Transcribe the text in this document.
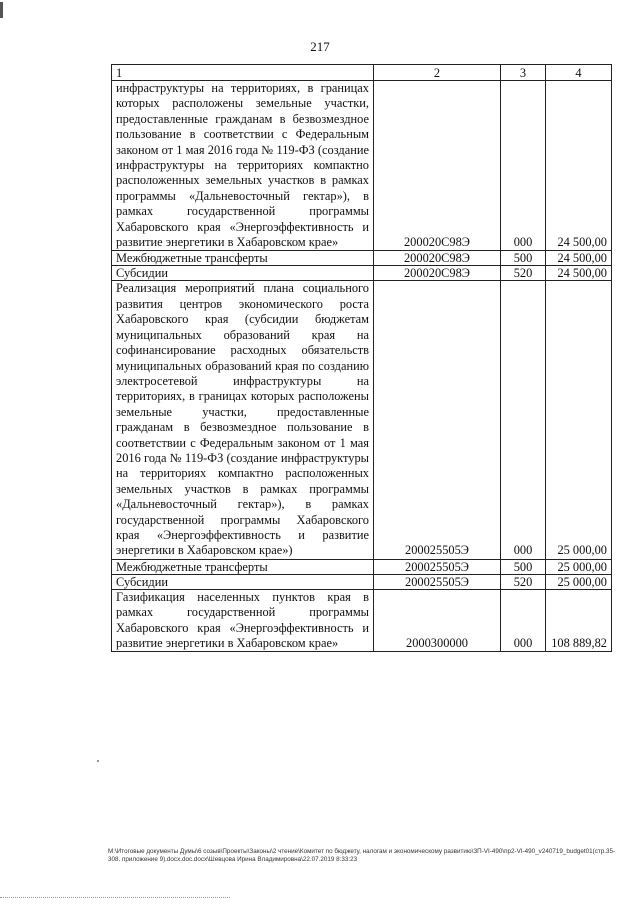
217
1	2	3	4
инфраструктуры на территориях, в границах которых расположены земельные участки, предоставленные гражданам в безвозмездное пользование в соответствии с Федеральным законом от 1 мая 2016 года № 119-ФЗ (создание инфраструктуры на территориях компактно расположенных земельных участков в рамках программы «Дальневосточный гектар»), в рамках государственной программы Хабаровского края «Энергоэффективность и развитие энергетики в Хабаровском крае»	200020С98Э	000	24 500,00
Межбюджетные трансферты	200020С98Э	500	24 500,00
Субсидии	200020С98Э	520	24 500,00
Реализация мероприятий плана социального развития центров экономического роста Хабаровского края (субсидии бюджетам муниципальных образований края на софинансирование расходных обязательств муниципальных образований края по созданию электросетевой инфраструктуры на территориях, в границах которых расположены земельные участки, предоставленные гражданам в безвозмездное пользование в соответствии с Федеральным законом от 1 мая 2016 года № 119-ФЗ (создание инфраструктуры на территориях компактно расположенных земельных участков в рамках программы «Дальневосточный гектар»), в рамках государственной программы Хабаровского края «Энергоэффективность и развитие энергетики в Хабаровском крае»)	200025505Э	000	25 000,00
Межбюджетные трансферты	200025505Э	500	25 000,00
Субсидии	200025505Э	520	25 000,00
Газификация населенных пунктов края в рамках государственной программы Хабаровского края «Энергоэффективность и развитие энергетики в Хабаровском крае»	2000300000	000	108 889,82
М:\Итоговые документы Думы\6 созыв\Проекты\Законы\2 чтение\Комитет по бюджету, налогам и экономическому развитию\ЗП-VI-490\пр2-VI-490_v240719_budget01(стр.35-308. приложение 9).docx.doc.docx\Шевцова Ирина Владимировна\22.07.2019 8:33:23
